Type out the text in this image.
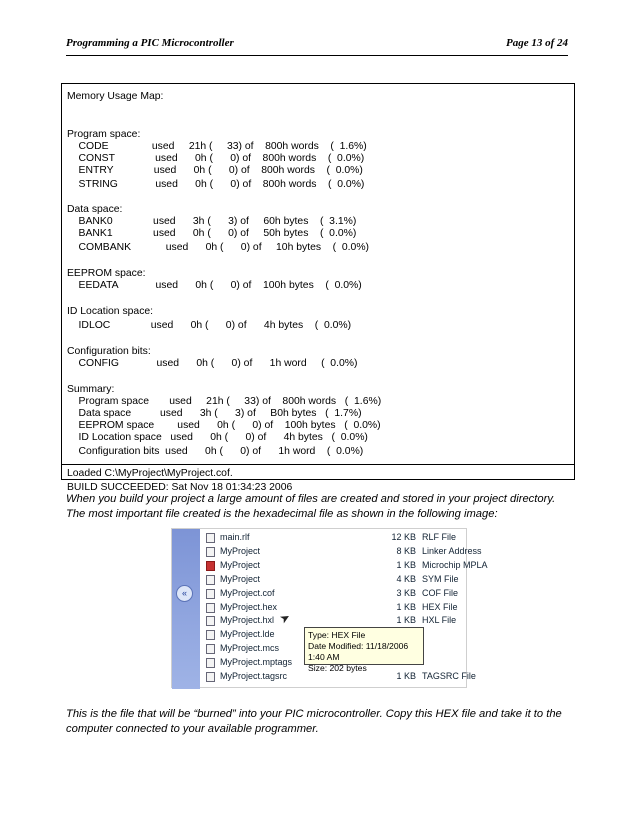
Programming a PIC Microcontroller	Page 13 of 24
Memory Usage Map:
Program space:
CODE               used     21h (     33) of    800h words    (  1.6%)
CONST              used      0h (      0) of    800h words    (  0.0%)
ENTRY              used      0h (      0) of    800h words    (  0.0%)
STRING             used      0h (      0) of    800h words    (  0.0%)
Data space:
BANK0              used      3h (      3) of     60h bytes    (  3.1%)
BANK1              used      0h (      0) of     50h bytes    (  0.0%)
COMBANK            used      0h (      0) of     10h bytes    (  0.0%)
EEPROM space:
EEDATA             used      0h (      0) of    100h bytes    (  0.0%)
ID Location space:
IDLOC              used      0h (      0) of      4h bytes    (  0.0%)
Configuration bits:
CONFIG             used      0h (      0) of      1h word     (  0.0%)
Summary:
Program space       used     21h (     33) of    800h words   (  1.6%)
Data space          used      3h (      3) of     B0h bytes   (  1.7%)
EEPROM space        used      0h (      0) of    100h bytes   (  0.0%)
ID Location space   used      0h (      0) of      4h bytes   (  0.0%)
Configuration bits  used      0h (      0) of      1h word    (  0.0%)
Loaded C:\MyProject\MyProject.cof.
BUILD SUCCEEDED: Sat Nov 18 01:34:23 2006
When you build your project a large amount of files are created and stored in your project directory. The most important file created is the hexadecimal file as shown in the following image:
«
➤
main.rlf	12 KB RLF File
MyProject	8 KB Linker Address
MyProject	1 KB Microchip MPLA
MyProject	4 KB SYM File
MyProject.cof	3 KB COF File
MyProject.hex	1 KB HEX File
MyProject.hxl	1 KB HXL File
MyProject.lde
MyProject.mcs
MyProject.mptags
MyProject.tagsrc	1 KB TAGSRC File
Type: HEX File
Date Modified: 11/18/2006 1:40 AM
Size: 202 bytes
This is the file that will be “burned” into your PIC microcontroller. Copy this HEX file and take it to the computer connected to your available programmer.
